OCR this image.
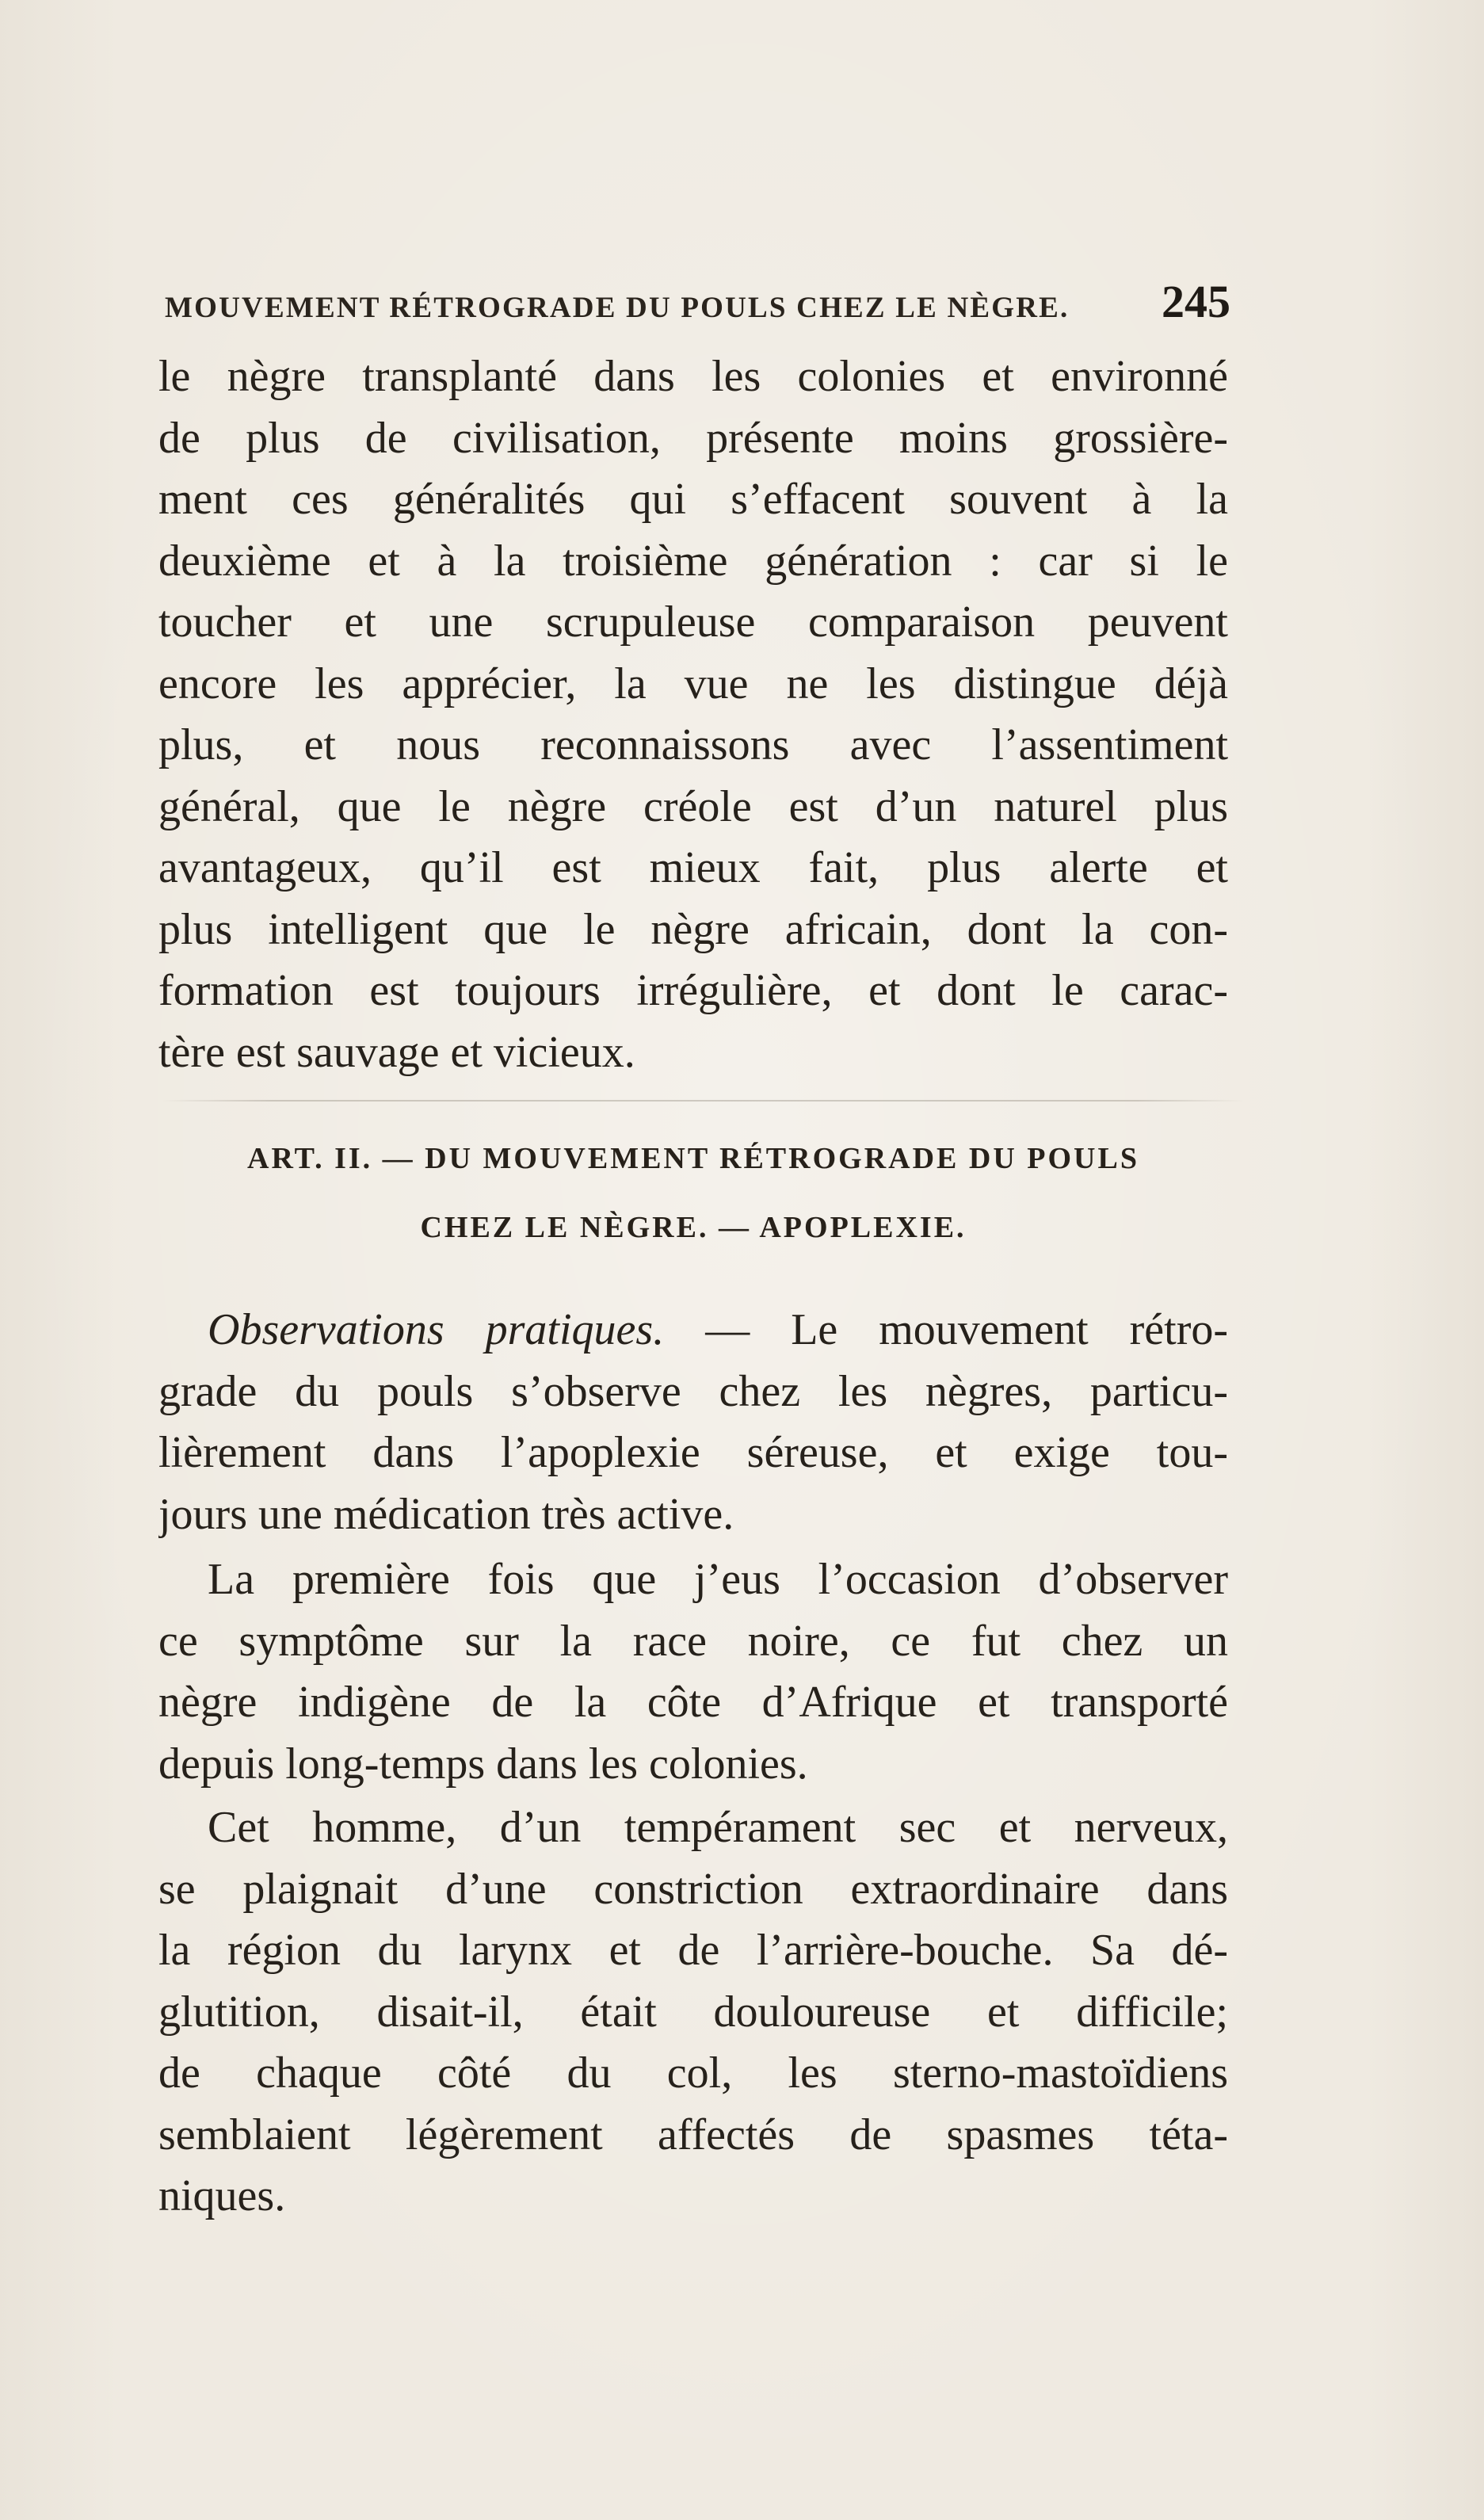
MOUVEMENT RÉTROGRADE DU POULS CHEZ LE NÈGRE. 245
le nègre transplanté dans les colonies et environné
de plus de civilisation, présente moins grossière-
ment ces généralités qui s’effacent souvent à la
deuxième et à la troisième génération : car si le
toucher et une scrupuleuse comparaison peuvent
encore les apprécier, la vue ne les distingue déjà
plus, et nous reconnaissons avec l’assentiment
général, que le nègre créole est d’un naturel plus
avantageux, qu’il est mieux fait, plus alerte et
plus intelligent que le nègre africain, dont la con-
formation est toujours irrégulière, et dont le carac-
tère est sauvage et vicieux.
ART. II. — DU MOUVEMENT RÉTROGRADE DU POULS
CHEZ LE NÈGRE. — APOPLEXIE.
Observations pratiques. — Le mouvement rétro-
grade du pouls s’observe chez les nègres, particu-
lièrement dans l’apoplexie séreuse, et exige tou-
jours une médication très active.
La première fois que j’eus l’occasion d’observer
ce symptôme sur la race noire, ce fut chez un
nègre indigène de la côte d’Afrique et transporté
depuis long-temps dans les colonies.
Cet homme, d’un tempérament sec et nerveux,
se plaignait d’une constriction extraordinaire dans
la région du larynx et de l’arrière-bouche. Sa dé-
glutition, disait-il, était douloureuse et difficile;
de chaque côté du col, les sterno-mastoïdiens
semblaient légèrement affectés de spasmes téta-
niques.
